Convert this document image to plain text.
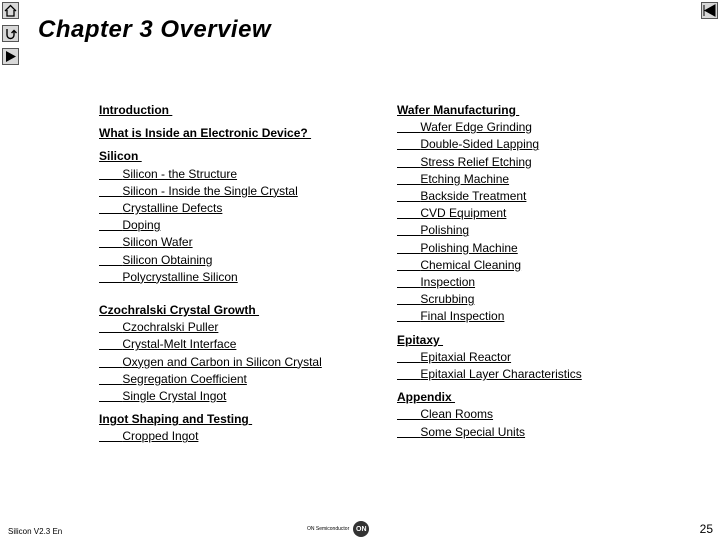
Chapter 3 Overview
Introduction
What is Inside an Electronic Device?
Silicon
Silicon - the Structure
Silicon - Inside the Single Crystal
Crystalline Defects
Doping
Silicon Wafer
Silicon Obtaining
Polycrystalline Silicon
Czochralski Crystal Growth
Czochralski Puller
Crystal-Melt Interface
Oxygen and Carbon in Silicon Crystal
Segregation Coefficient
Single Crystal Ingot
Ingot Shaping and Testing
Cropped Ingot
Wafer Manufacturing
Wafer Edge Grinding
Double-Sided Lapping
Stress Relief Etching
Etching Machine
Backside Treatment
CVD Equipment
Polishing
Polishing Machine
Chemical Cleaning
Inspection
Scrubbing
Final Inspection
Epitaxy
Epitaxial Reactor
Epitaxial Layer Characteristics
Appendix
Clean Rooms
Some Special Units
Silicon V2.3 En	ON Semiconductor ON	25
